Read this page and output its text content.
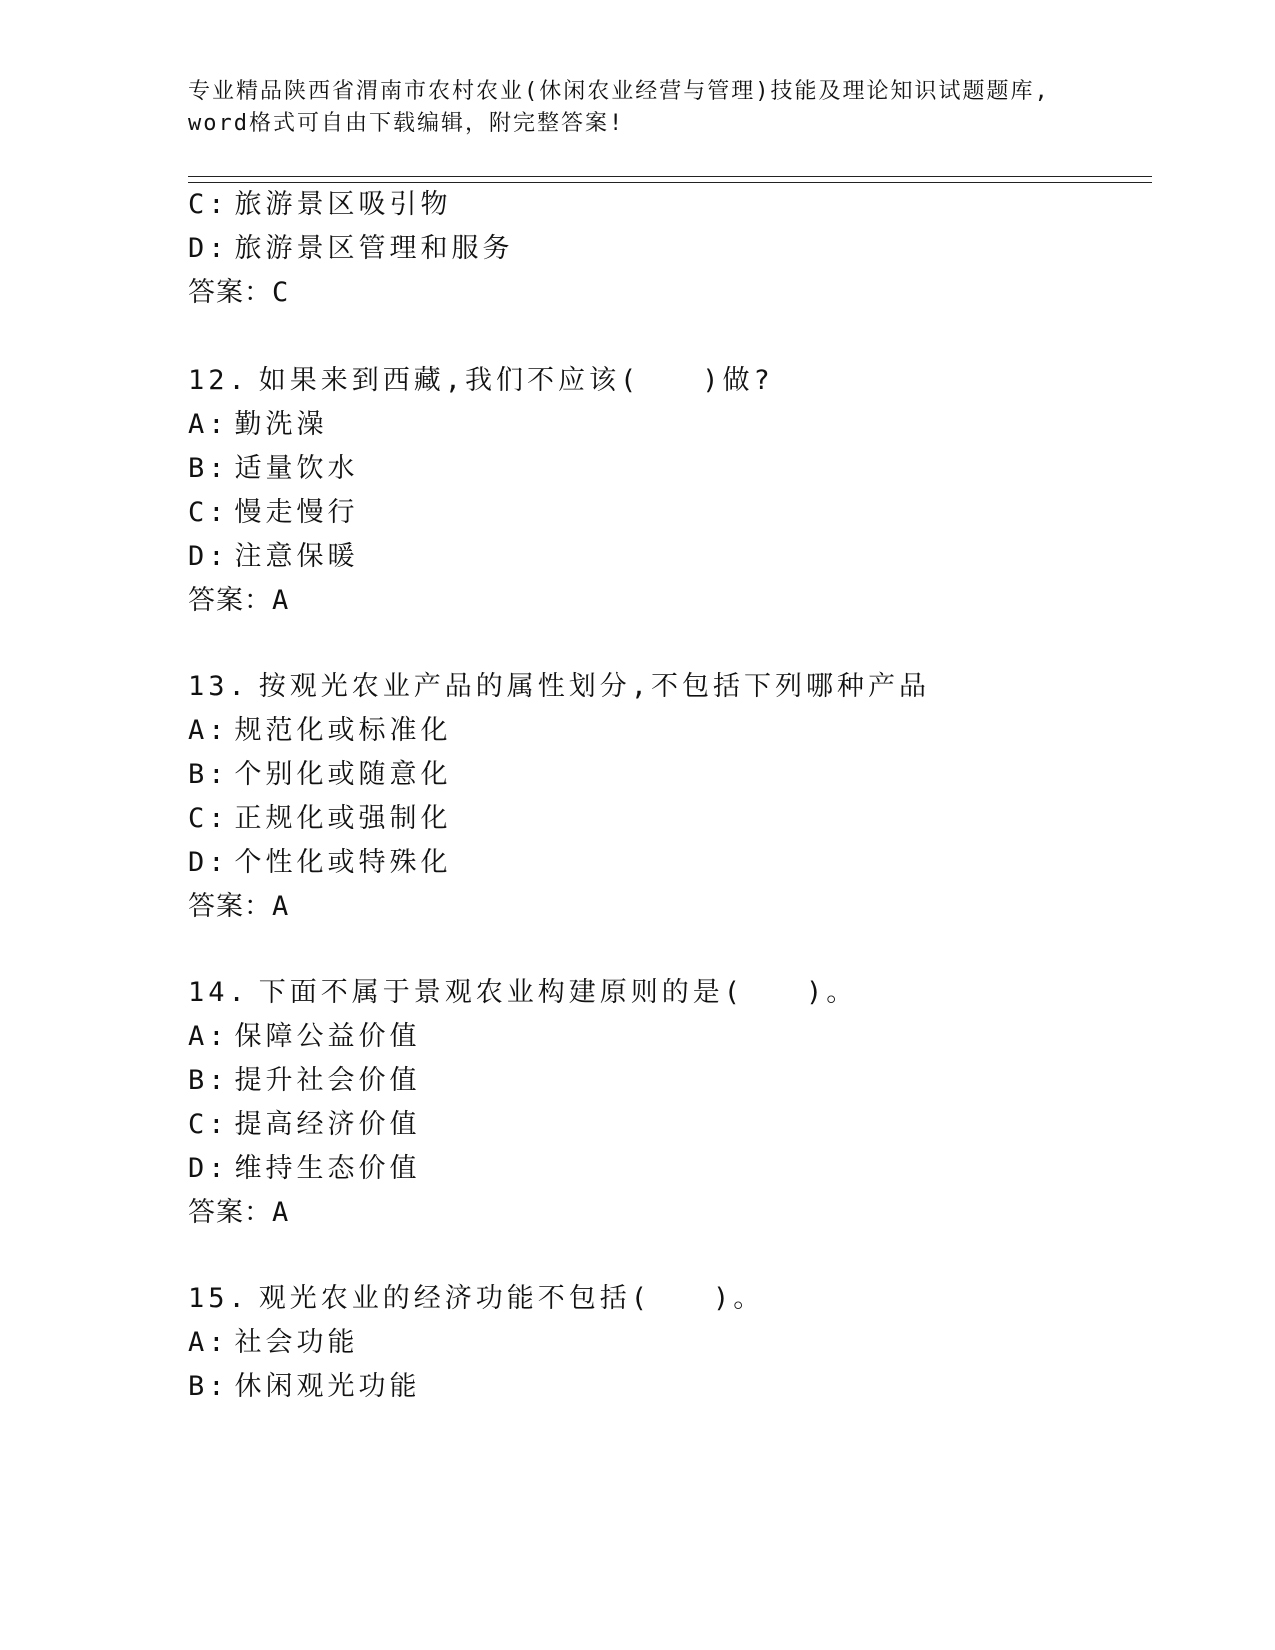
专业精品陕西省渭南市农村农业(休闲农业经营与管理)技能及理论知识试题题库,
word格式可自由下载编辑，附完整答案!
C: 旅游景区吸引物
D: 旅游景区管理和服务
答案：C
12. 如果来到西藏,我们不应该(　　)做?
A: 勤洗澡
B: 适量饮水
C: 慢走慢行
D: 注意保暖
答案：A
13. 按观光农业产品的属性划分,不包括下列哪种产品
A: 规范化或标准化
B: 个别化或随意化
C: 正规化或强制化
D: 个性化或特殊化
答案：A
14. 下面不属于景观农业构建原则的是(　　)。
A: 保障公益价值
B: 提升社会价值
C: 提高经济价值
D: 维持生态价值
答案：A
15. 观光农业的经济功能不包括(　　)。
A: 社会功能
B: 休闲观光功能
